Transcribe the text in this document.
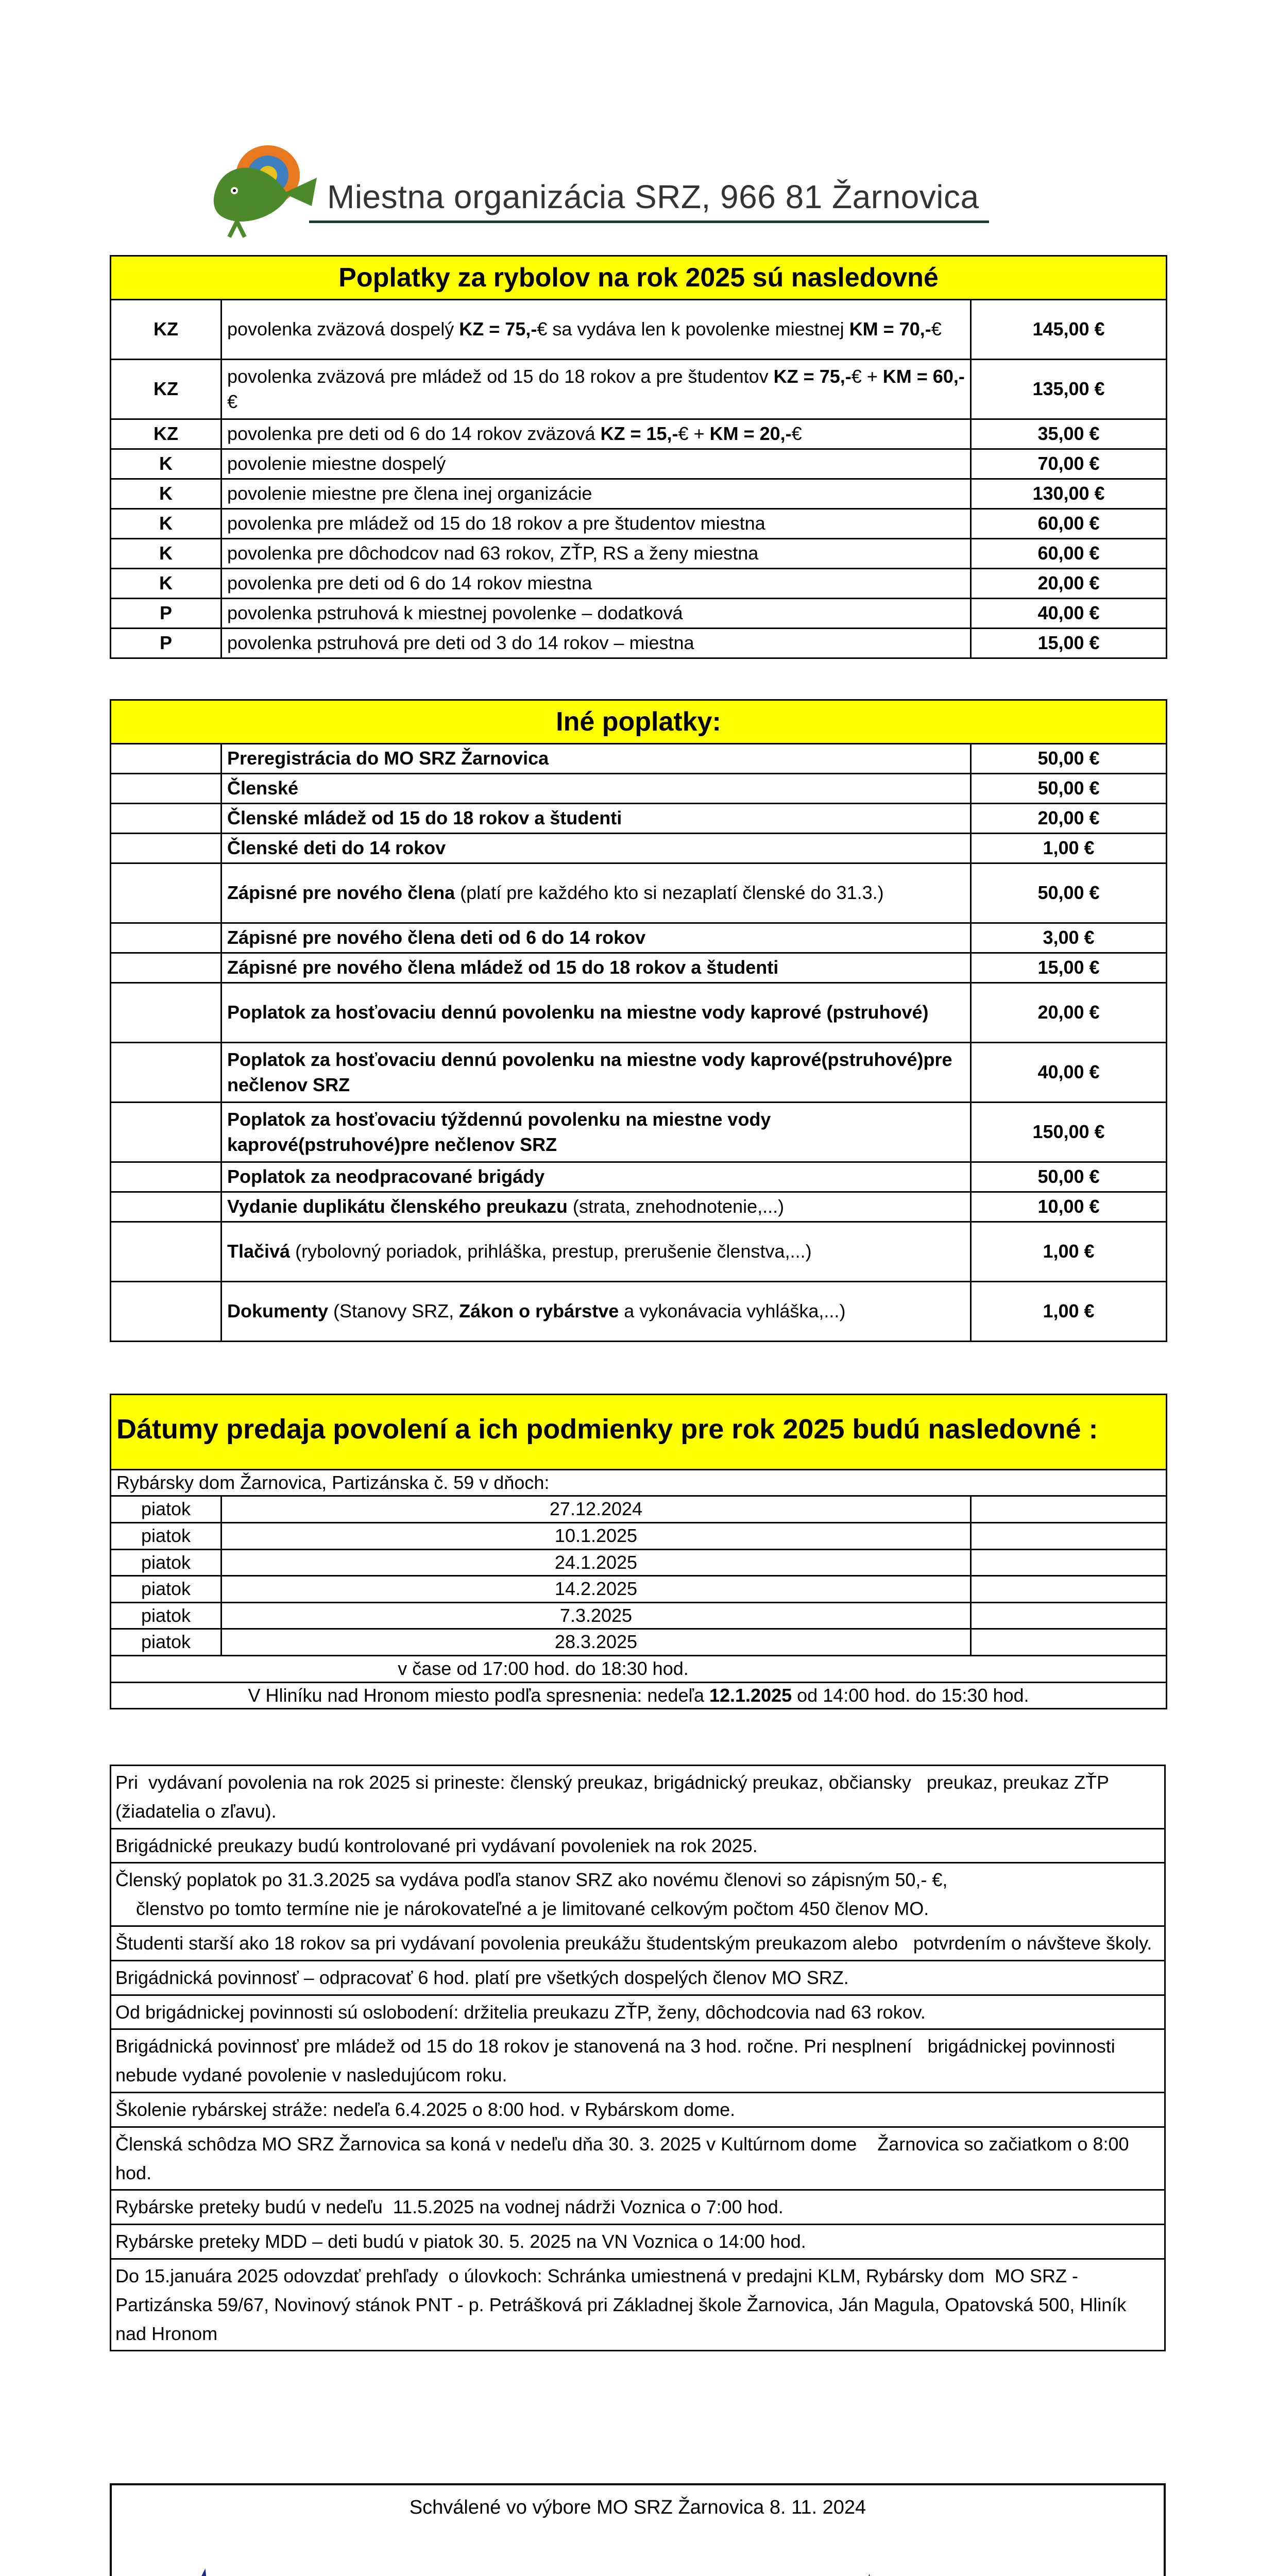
Miestna organizácia SRZ, 966 81 Žarnovica
Poplatky za rybolov na rok 2025 sú nasledovné		
KZ	povolenka zväzová dospelý KZ = 75,-€ sa vydáva len k povolenke miestnej KM = 70,-€	145,00 €
KZ	povolenka zväzová pre mládež od 15 do 18 rokov a pre študentov KZ = 75,-€ + KM = 60,-€	135,00 €
KZ	povolenka pre deti od 6 do 14 rokov zväzová KZ = 15,-€ + KM = 20,-€	35,00 €
K	povolenie miestne dospelý	70,00 €
K	povolenie miestne pre člena inej organizácie	130,00 €
K	povolenka pre mládež od 15 do 18 rokov a pre študentov miestna	60,00 €
K	povolenka pre dôchodcov nad 63 rokov, ZŤP, RS a ženy miestna	60,00 €
K	povolenka pre deti od 6 do 14 rokov miestna	20,00 €
P	povolenka pstruhová k miestnej povolenke – dodatková	40,00 €
P	povolenka pstruhová pre deti od 3 do 14 rokov – miestna	15,00 €
Iné poplatky:		
	Preregistrácia do MO SRZ Žarnovica	50,00 €
	Členské	50,00 €
	Členské mládež od 15 do 18 rokov a študenti	20,00 €
	Členské deti do 14 rokov	1,00 €
	Zápisné pre nového člena (platí pre každého kto si nezaplatí členské do 31.3.)	50,00 €
	Zápisné pre nového člena deti od 6 do 14 rokov	3,00 €
	Zápisné pre nového člena mládež od 15 do 18 rokov a študenti	15,00 €
	Poplatok za hosťovaciu dennú povolenku na miestne vody kaprové (pstruhové)	20,00 €
	Poplatok za hosťovaciu dennú povolenku na miestne vody kaprové(pstruhové)pre nečlenov SRZ	40,00 €
	Poplatok za hosťovaciu týždennú povolenku na miestne vody kaprové(pstruhové)pre nečlenov SRZ	150,00 €
	Poplatok za neodpracované brigády	50,00 €
	Vydanie duplikátu členského preukazu (strata, znehodnotenie,...)	10,00 €
	Tlačivá (rybolovný poriadok, prihláška, prestup, prerušenie členstva,...)	1,00 €
	Dokumenty (Stanovy SRZ, Zákon o rybárstve a vykonávacia vyhláška,...)	1,00 €
Dátumy predaja povolení a ich podmienky pre rok 2025 budú nasledovné :		
Rybársky dom Žarnovica, Partizánska č. 59 v dňoch:		
piatok	27.12.2024	
piatok	10.1.2025	
piatok	24.1.2025	
piatok	14.2.2025	
piatok	7.3.2025	
piatok	28.3.2025	
v čase od 17:00 hod. do 18:30 hod.		
V Hliníku nad Hronom miesto podľa spresnenia: nedeľa 12.1.2025 od 14:00 hod. do 15:30 hod.		
Pri  vydávaní povolenia na rok 2025 si prineste: členský preukaz, brigádnický preukaz, občiansky   preukaz, preukaz ZŤP (žiadatelia o zľavu).
Brigádnické preukazy budú kontrolované pri vydávaní povoleniek na rok 2025.
Členský poplatok po 31.3.2025 sa vydáva podľa stanov SRZ ako novému členovi so zápisným 50,- €,
členstvo po tomto termíne nie je nárokovateľné a je limitované celkovým počtom 450 členov MO.
Študenti starší ako 18 rokov sa pri vydávaní povolenia preukážu študentským preukazom alebo   potvrdením o návšteve školy.
Brigádnická povinnosť – odpracovať 6 hod. platí pre všetkých dospelých členov MO SRZ.
Od brigádnickej povinnosti sú oslobodení: držitelia preukazu ZŤP, ženy, dôchodcovia nad 63 rokov.
Brigádnická povinnosť pre mládež od 15 do 18 rokov je stanovená na 3 hod. ročne. Pri nesplnení   brigádnickej povinnosti nebude vydané povolenie v nasledujúcom roku.
Školenie rybárskej stráže: nedeľa 6.4.2025 o 8:00 hod. v Rybárskom dome.
Členská schôdza MO SRZ Žarnovica sa koná v nedeľu dňa 30. 3. 2025 v Kultúrnom dome    Žarnovica so začiatkom o 8:00 hod.
Rybárske preteky budú v nedeľu  11.5.2025 na vodnej nádrži Voznica o 7:00 hod.
Rybárske preteky MDD – deti budú v piatok 30. 5. 2025 na VN Voznica o 14:00 hod.
Do 15.januára 2025 odovzdať prehľady  o úlovkoch: Schránka umiestnená v predajni KLM, Rybársky dom  MO SRZ - Partizánska 59/67, Novinový stánok PNT - p. Petrášková pri Základnej škole Žarnovica, Ján Magula, Opatovská 500, Hliník nad Hronom
Schválené vo výbore MO SRZ Žarnovica 8. 11. 2024
